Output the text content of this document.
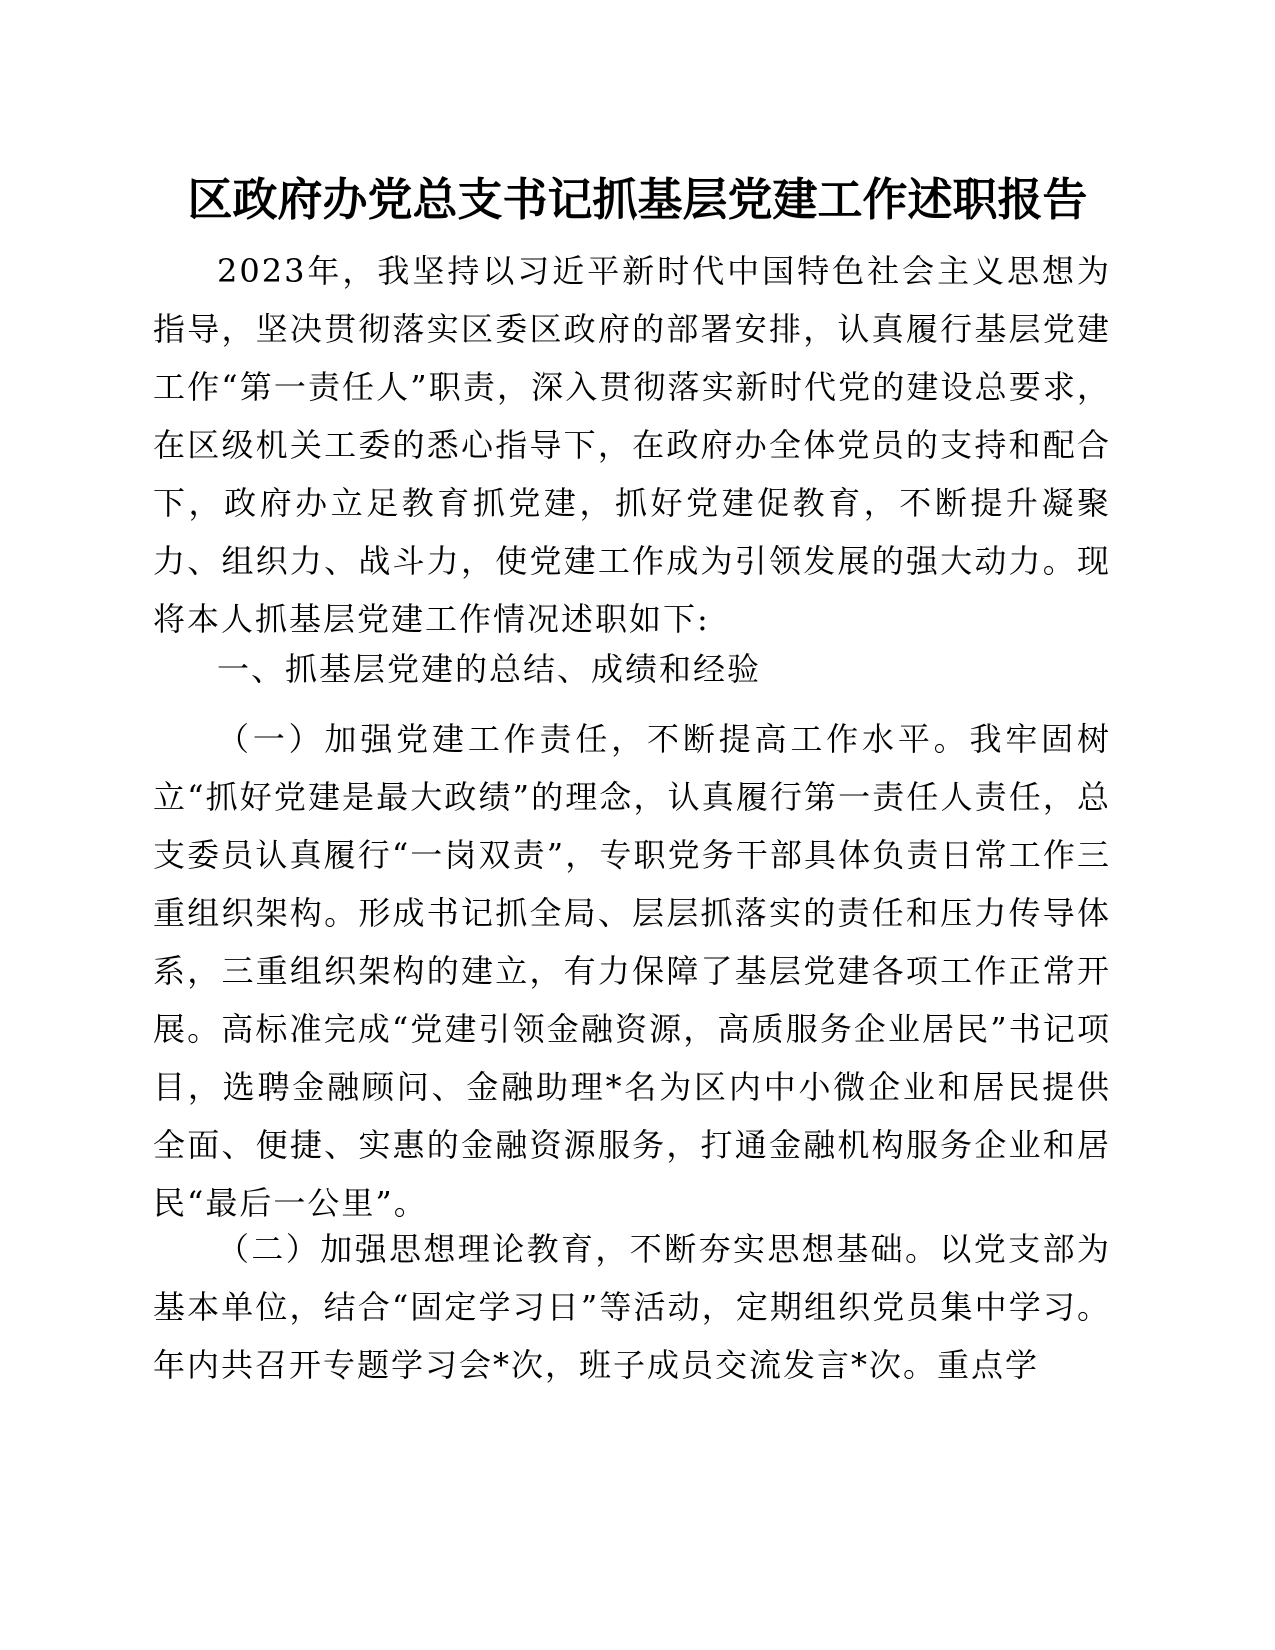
区政府办党总支书记抓基层党建工作述职报告

2023年，我坚持以习近平新时代中国特色社会主义思想为指导，坚决贯彻落实区委区政府的部署安排，认真履行基层党建工作“第一责任人”职责，深入贯彻落实新时代党的建设总要求，在区级机关工委的悉心指导下，在政府办全体党员的支持和配合下，政府办立足教育抓党建，抓好党建促教育，不断提升凝聚力、组织力、战斗力，使党建工作成为引领发展的强大动力。现将本人抓基层党建工作情况述职如下:

一、抓基层党建的总结、成绩和经验

（一）加强党建工作责任，不断提高工作水平。我牢固树立“抓好党建是最大政绩”的理念，认真履行第一责任人责任，总支委员认真履行“一岗双责”，专职党务干部具体负责日常工作三重组织架构。形成书记抓全局、层层抓落实的责任和压力传导体系，三重组织架构的建立，有力保障了基层党建各项工作正常开展。高标准完成“党建引领金融资源，高质服务企业居民”书记项目，选聘金融顾问、金融助理*名为区内中小微企业和居民提供全面、便捷、实惠的金融资源服务，打通金融机构服务企业和居民“最后一公里”。

（二）加强思想理论教育，不断夯实思想基础。以党支部为基本单位，结合“固定学习日”等活动，定期组织党员集中学习。年内共召开专题学习会*次，班子成员交流发言*次。重点学
